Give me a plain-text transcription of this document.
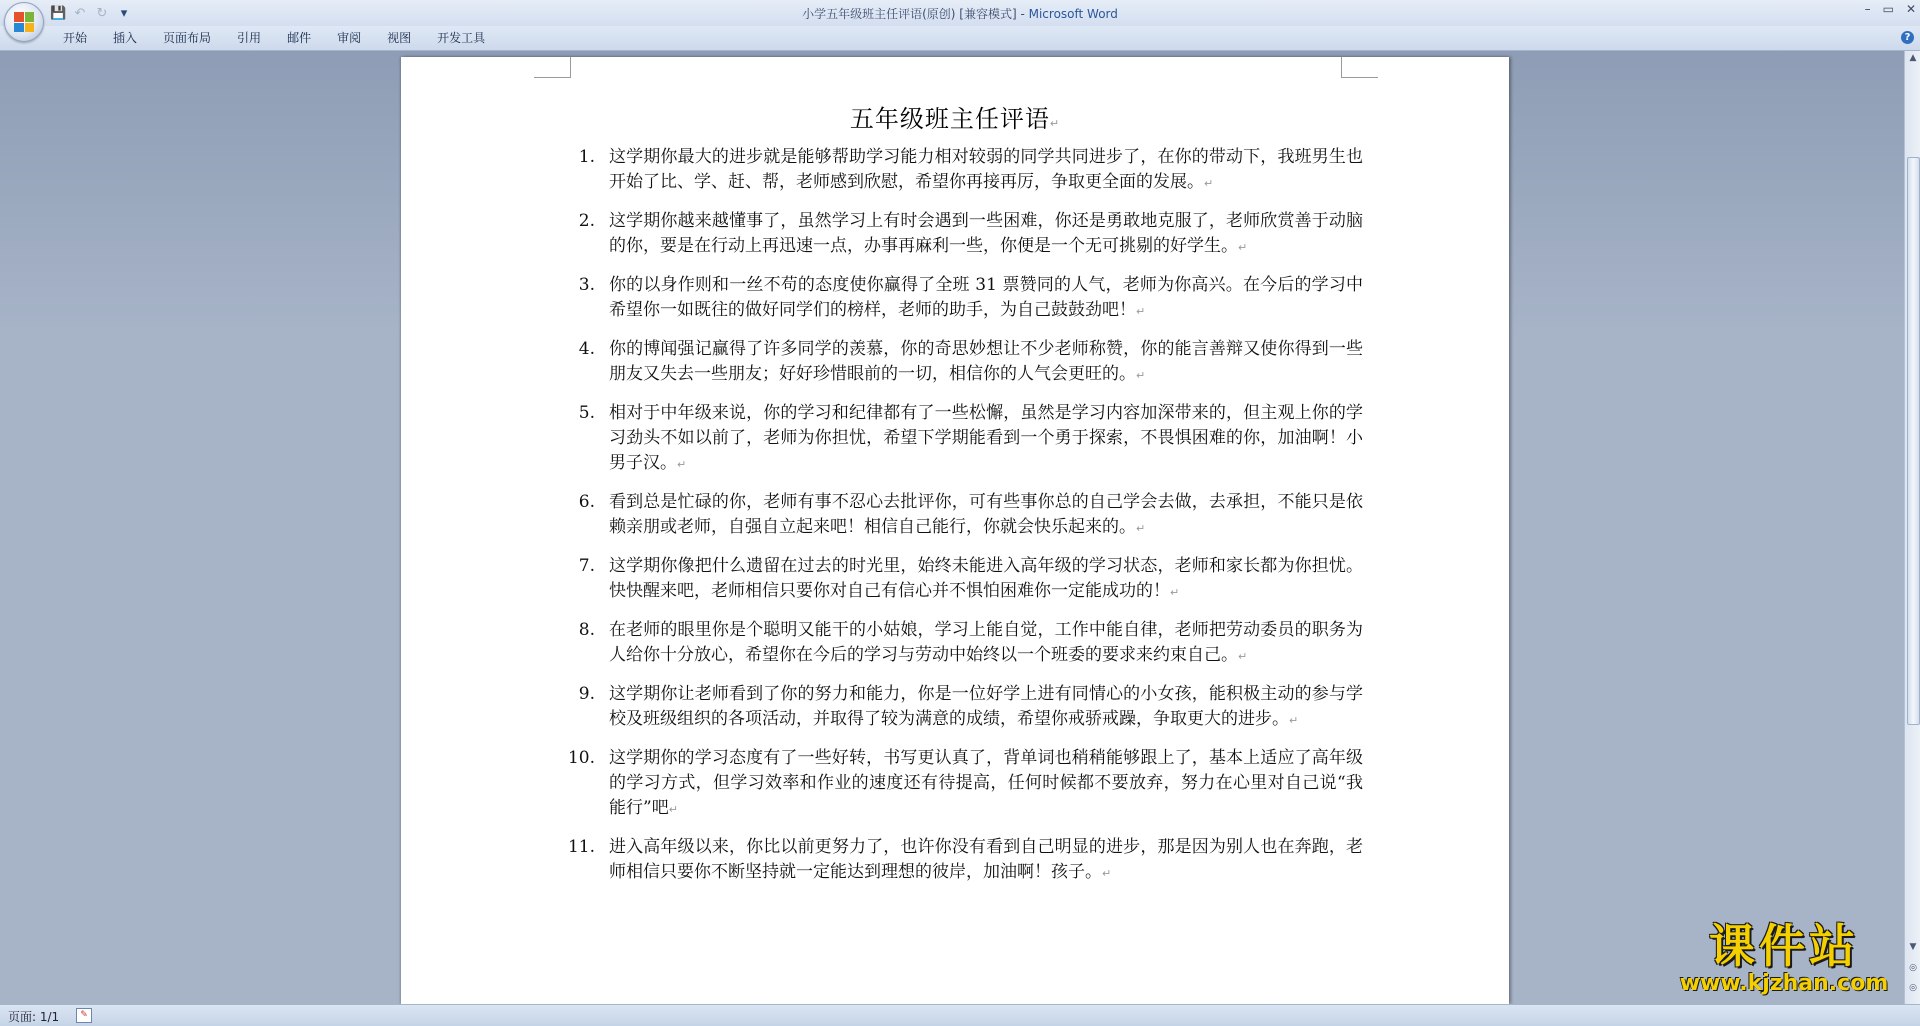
💾 ↶ ↻	▾	小学五年级班主任评语(原创) [兼容模式] - Microsoft Word	– ▭ ✕
开始	插入	页面布局	引用	邮件	审阅	视图	开发工具	?
五年级班主任评语↵
1. 这学期你最大的进步就是能够帮助学习能力相对较弱的同学共同进步了，在你的带动下，我班男生也开始了比、学、赶、帮，老师感到欣慰，希望你再接再厉，争取更全面的发展。↵
2. 这学期你越来越懂事了，虽然学习上有时会遇到一些困难，你还是勇敢地克服了，老师欣赏善于动脑的你，要是在行动上再迅速一点，办事再麻利一些，你便是一个无可挑剔的好学生。↵
3. 你的以身作则和一丝不苟的态度使你赢得了全班 31 票赞同的人气，老师为你高兴。在今后的学习中希望你一如既往的做好同学们的榜样，老师的助手，为自己鼓鼓劲吧！↵
4. 你的博闻强记赢得了许多同学的羡慕，你的奇思妙想让不少老师称赞，你的能言善辩又使你得到一些朋友又失去一些朋友；好好珍惜眼前的一切，相信你的人气会更旺的。↵
5. 相对于中年级来说，你的学习和纪律都有了一些松懈，虽然是学习内容加深带来的，但主观上你的学习劲头不如以前了，老师为你担忧，希望下学期能看到一个勇于探索，不畏惧困难的你，加油啊！小男子汉。↵
6. 看到总是忙碌的你，老师有事不忍心去批评你，可有些事你总的自己学会去做，去承担，不能只是依赖亲朋或老师，自强自立起来吧！相信自己能行，你就会快乐起来的。↵
7. 这学期你像把什么遗留在过去的时光里，始终未能进入高年级的学习状态，老师和家长都为你担忧。快快醒来吧，老师相信只要你对自己有信心并不惧怕困难你一定能成功的！↵
8. 在老师的眼里你是个聪明又能干的小姑娘，学习上能自觉，工作中能自律，老师把劳动委员的职务为人给你十分放心，希望你在今后的学习与劳动中始终以一个班委的要求来约束自己。↵
9. 这学期你让老师看到了你的努力和能力，你是一位好学上进有同情心的小女孩，能积极主动的参与学校及班级组织的各项活动，并取得了较为满意的成绩，希望你戒骄戒躁，争取更大的进步。↵
10. 这学期你的学习态度有了一些好转，书写更认真了，背单词也稍稍能够跟上了，基本上适应了高年级的学习方式，但学习效率和作业的速度还有待提高，任何时候都不要放弃，努力在心里对自己说“我能行”吧↵
11. 进入高年级以来，你比以前更努力了，也许你没有看到自己明显的进步，那是因为别人也在奔跑，老师相信只要你不断坚持就一定能达到理想的彼岸，加油啊！孩子。↵
▲
▼
◎
◎
课件站
www.kjzhan.com
页面: 1/1	✎
